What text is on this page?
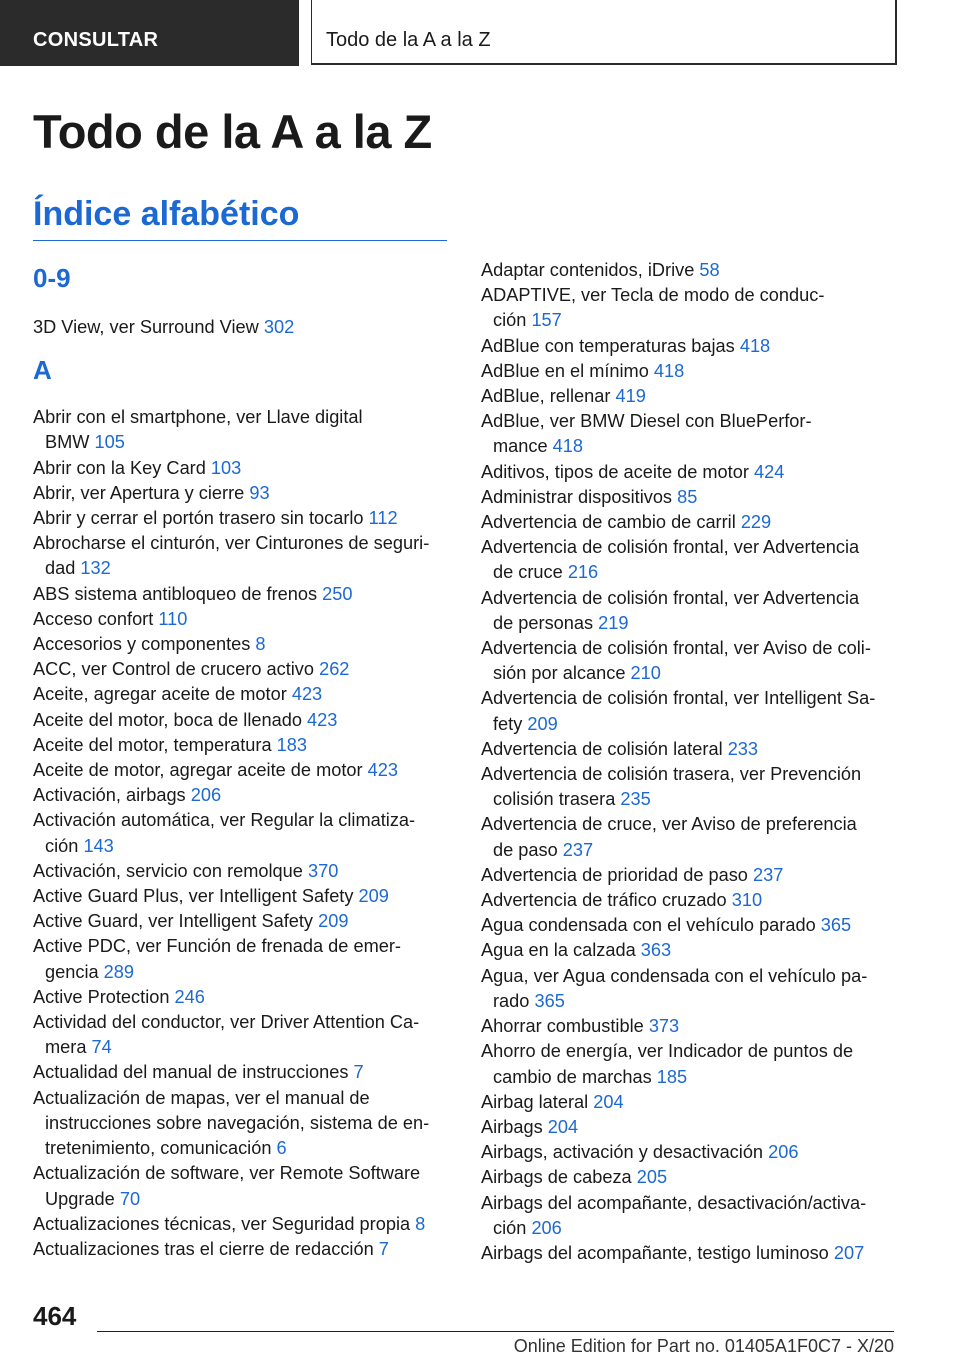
CONSULTAR	Todo de la A a la Z
Todo de la A a la Z
Índice alfabético
0-9
3D View, ver Surround View 302
A
Abrir con el smartphone, ver Llave digital
BMW 105
Abrir con la Key Card 103
Abrir, ver Apertura y cierre 93
Abrir y cerrar el portón trasero sin tocarlo 112
Abrocharse el cinturón, ver Cinturones de seguri-
dad 132
ABS sistema antibloqueo de frenos 250
Acceso confort 110
Accesorios y componentes 8
ACC, ver Control de crucero activo 262
Aceite, agregar aceite de motor 423
Aceite del motor, boca de llenado 423
Aceite del motor, temperatura 183
Aceite de motor, agregar aceite de motor 423
Activación, airbags 206
Activación automática, ver Regular la climatiza-
ción 143
Activación, servicio con remolque 370
Active Guard Plus, ver Intelligent Safety 209
Active Guard, ver Intelligent Safety 209
Active PDC, ver Función de frenada de emer-
gencia 289
Active Protection 246
Actividad del conductor, ver Driver Attention Ca-
mera 74
Actualidad del manual de instrucciones 7
Actualización de mapas, ver el manual de
instrucciones sobre navegación, sistema de en-
tretenimiento, comunicación 6
Actualización de software, ver Remote Software
Upgrade 70
Actualizaciones técnicas, ver Seguridad propia 8
Actualizaciones tras el cierre de redacción 7
Adaptar contenidos, iDrive 58
ADAPTIVE, ver Tecla de modo de conduc-
ción 157
AdBlue con temperaturas bajas 418
AdBlue en el mínimo 418
AdBlue, rellenar 419
AdBlue, ver BMW Diesel con BluePerfor-
mance 418
Aditivos, tipos de aceite de motor 424
Administrar dispositivos 85
Advertencia de cambio de carril 229
Advertencia de colisión frontal, ver Advertencia
de cruce 216
Advertencia de colisión frontal, ver Advertencia
de personas 219
Advertencia de colisión frontal, ver Aviso de coli-
sión por alcance 210
Advertencia de colisión frontal, ver Intelligent Sa-
fety 209
Advertencia de colisión lateral 233
Advertencia de colisión trasera, ver Prevención
colisión trasera 235
Advertencia de cruce, ver Aviso de preferencia
de paso 237
Advertencia de prioridad de paso 237
Advertencia de tráfico cruzado 310
Agua condensada con el vehículo parado 365
Agua en la calzada 363
Agua, ver Agua condensada con el vehículo pa-
rado 365
Ahorrar combustible 373
Ahorro de energía, ver Indicador de puntos de
cambio de marchas 185
Airbag lateral 204
Airbags 204
Airbags, activación y desactivación 206
Airbags de cabeza 205
Airbags del acompañante, desactivación/activa-
ción 206
Airbags del acompañante, testigo luminoso 207
464
Online Edition for Part no. 01405A1F0C7 - X/20
